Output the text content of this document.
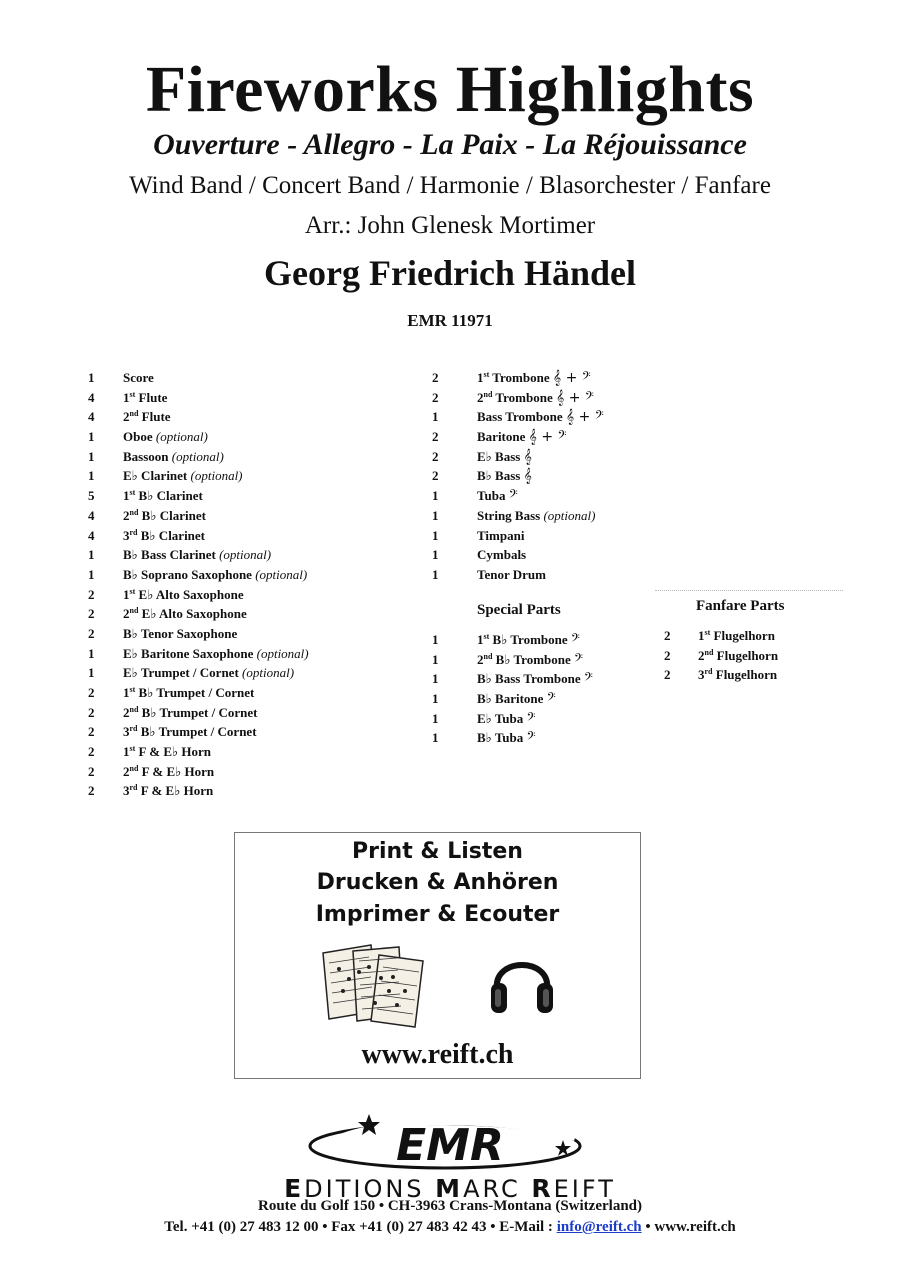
Fireworks Highlights
Ouverture - Allegro - La Paix - La Réjouissance
Wind Band / Concert Band / Harmonie / Blasorchester / Fanfare
Arr.: John Glenesk Mortimer
Georg Friedrich Händel
EMR 11971
1	Score
4	1st Flute
4	2nd Flute
1	Oboe (optional)
1	Bassoon (optional)
1	E♭ Clarinet (optional)
5	1st B♭ Clarinet
4	2nd B♭ Clarinet
4	3rd B♭ Clarinet
1	B♭ Bass Clarinet (optional)
1	B♭ Soprano Saxophone (optional)
2	1st E♭ Alto Saxophone
2	2nd E♭ Alto Saxophone
2	B♭ Tenor Saxophone
1	E♭ Baritone Saxophone (optional)
1	E♭ Trumpet / Cornet (optional)
2	1st B♭ Trumpet / Cornet
2	2nd B♭ Trumpet / Cornet
2	3rd B♭ Trumpet / Cornet
2	1st F & E♭ Horn
2	2nd F & E♭ Horn
2	3rd F & E♭ Horn
2	1st Trombone 𝄞 + 𝄢
2	2nd Trombone 𝄞 + 𝄢
1	Bass Trombone 𝄞 + 𝄢
2	Baritone 𝄞 + 𝄢
2	E♭ Bass 𝄞
2	B♭ Bass 𝄞
1	Tuba 𝄢
1	String Bass (optional)
1	Timpani
1	Cymbals
1	Tenor Drum
Special Parts
1	1st B♭ Trombone 𝄢
1	2nd B♭ Trombone 𝄢
1	B♭ Bass Trombone 𝄢
1	B♭ Baritone 𝄢
1	E♭ Tuba 𝄢
1	B♭ Tuba 𝄢
Fanfare Parts
2	1st Flugelhorn
2	2nd Flugelhorn
2	3rd Flugelhorn
Print & Listen
Drucken & Anhören
Imprimer & Ecouter
www.reift.ch
EMR
EDITIONS MARC REIFT
Route du Golf 150 • CH-3963 Crans-Montana (Switzerland)
Tel. +41 (0) 27 483 12 00 • Fax +41 (0) 27 483 42 43 • E-Mail : info@reift.ch • www.reift.ch
